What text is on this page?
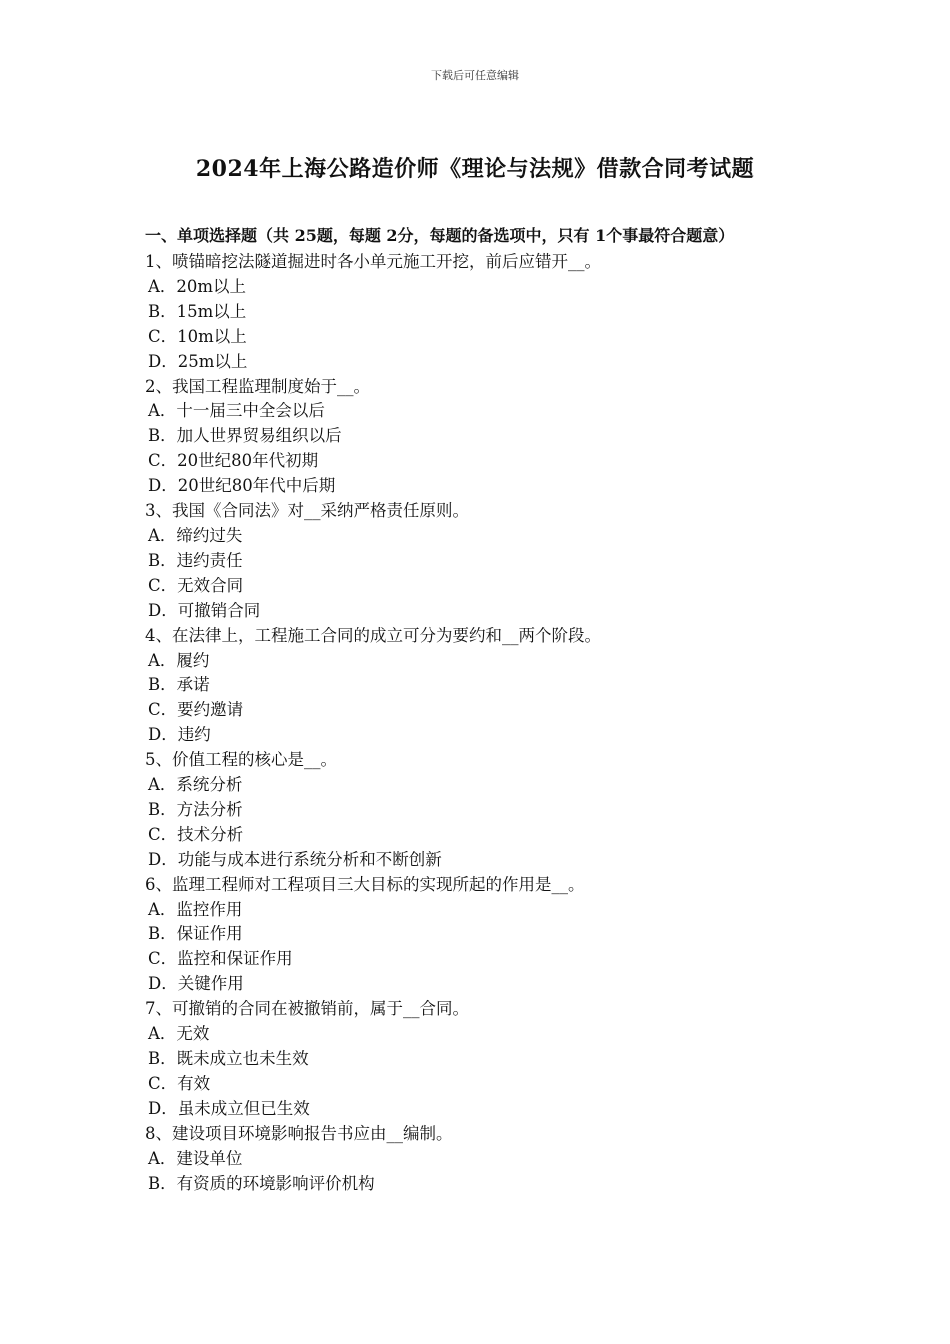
下载后可任意编辑
2024年上海公路造价师《理论与法规》借款合同考试题
一、单项选择题（共 25题，每题 2分，每题的备选项中，只有 1个事最符合题意）
1、喷锚暗挖法隧道掘进时各小单元施工开挖，前后应错开__。
A．20m以上
B．15m以上
C．10m以上
D．25m以上
2、我国工程监理制度始于__。
A．十一届三中全会以后
B．加人世界贸易组织以后
C．20世纪80年代初期
D．20世纪80年代中后期
3、我国《合同法》对__采纳严格责任原则。
A．缔约过失
B．违约责任
C．无效合同
D．可撤销合同
4、在法律上，工程施工合同的成立可分为要约和__两个阶段。
A．履约
B．承诺
C．要约邀请
D．违约
5、价值工程的核心是__。
A．系统分析
B．方法分析
C．技术分析
D．功能与成本进行系统分析和不断创新
6、监理工程师对工程项目三大目标的实现所起的作用是__。
A．监控作用
B．保证作用
C．监控和保证作用
D．关键作用
7、可撤销的合同在被撤销前，属于__合同。
A．无效
B．既未成立也未生效
C．有效
D．虽未成立但已生效
8、建设项目环境影响报告书应由__编制。
A．建设单位
B．有资质的环境影响评价机构
